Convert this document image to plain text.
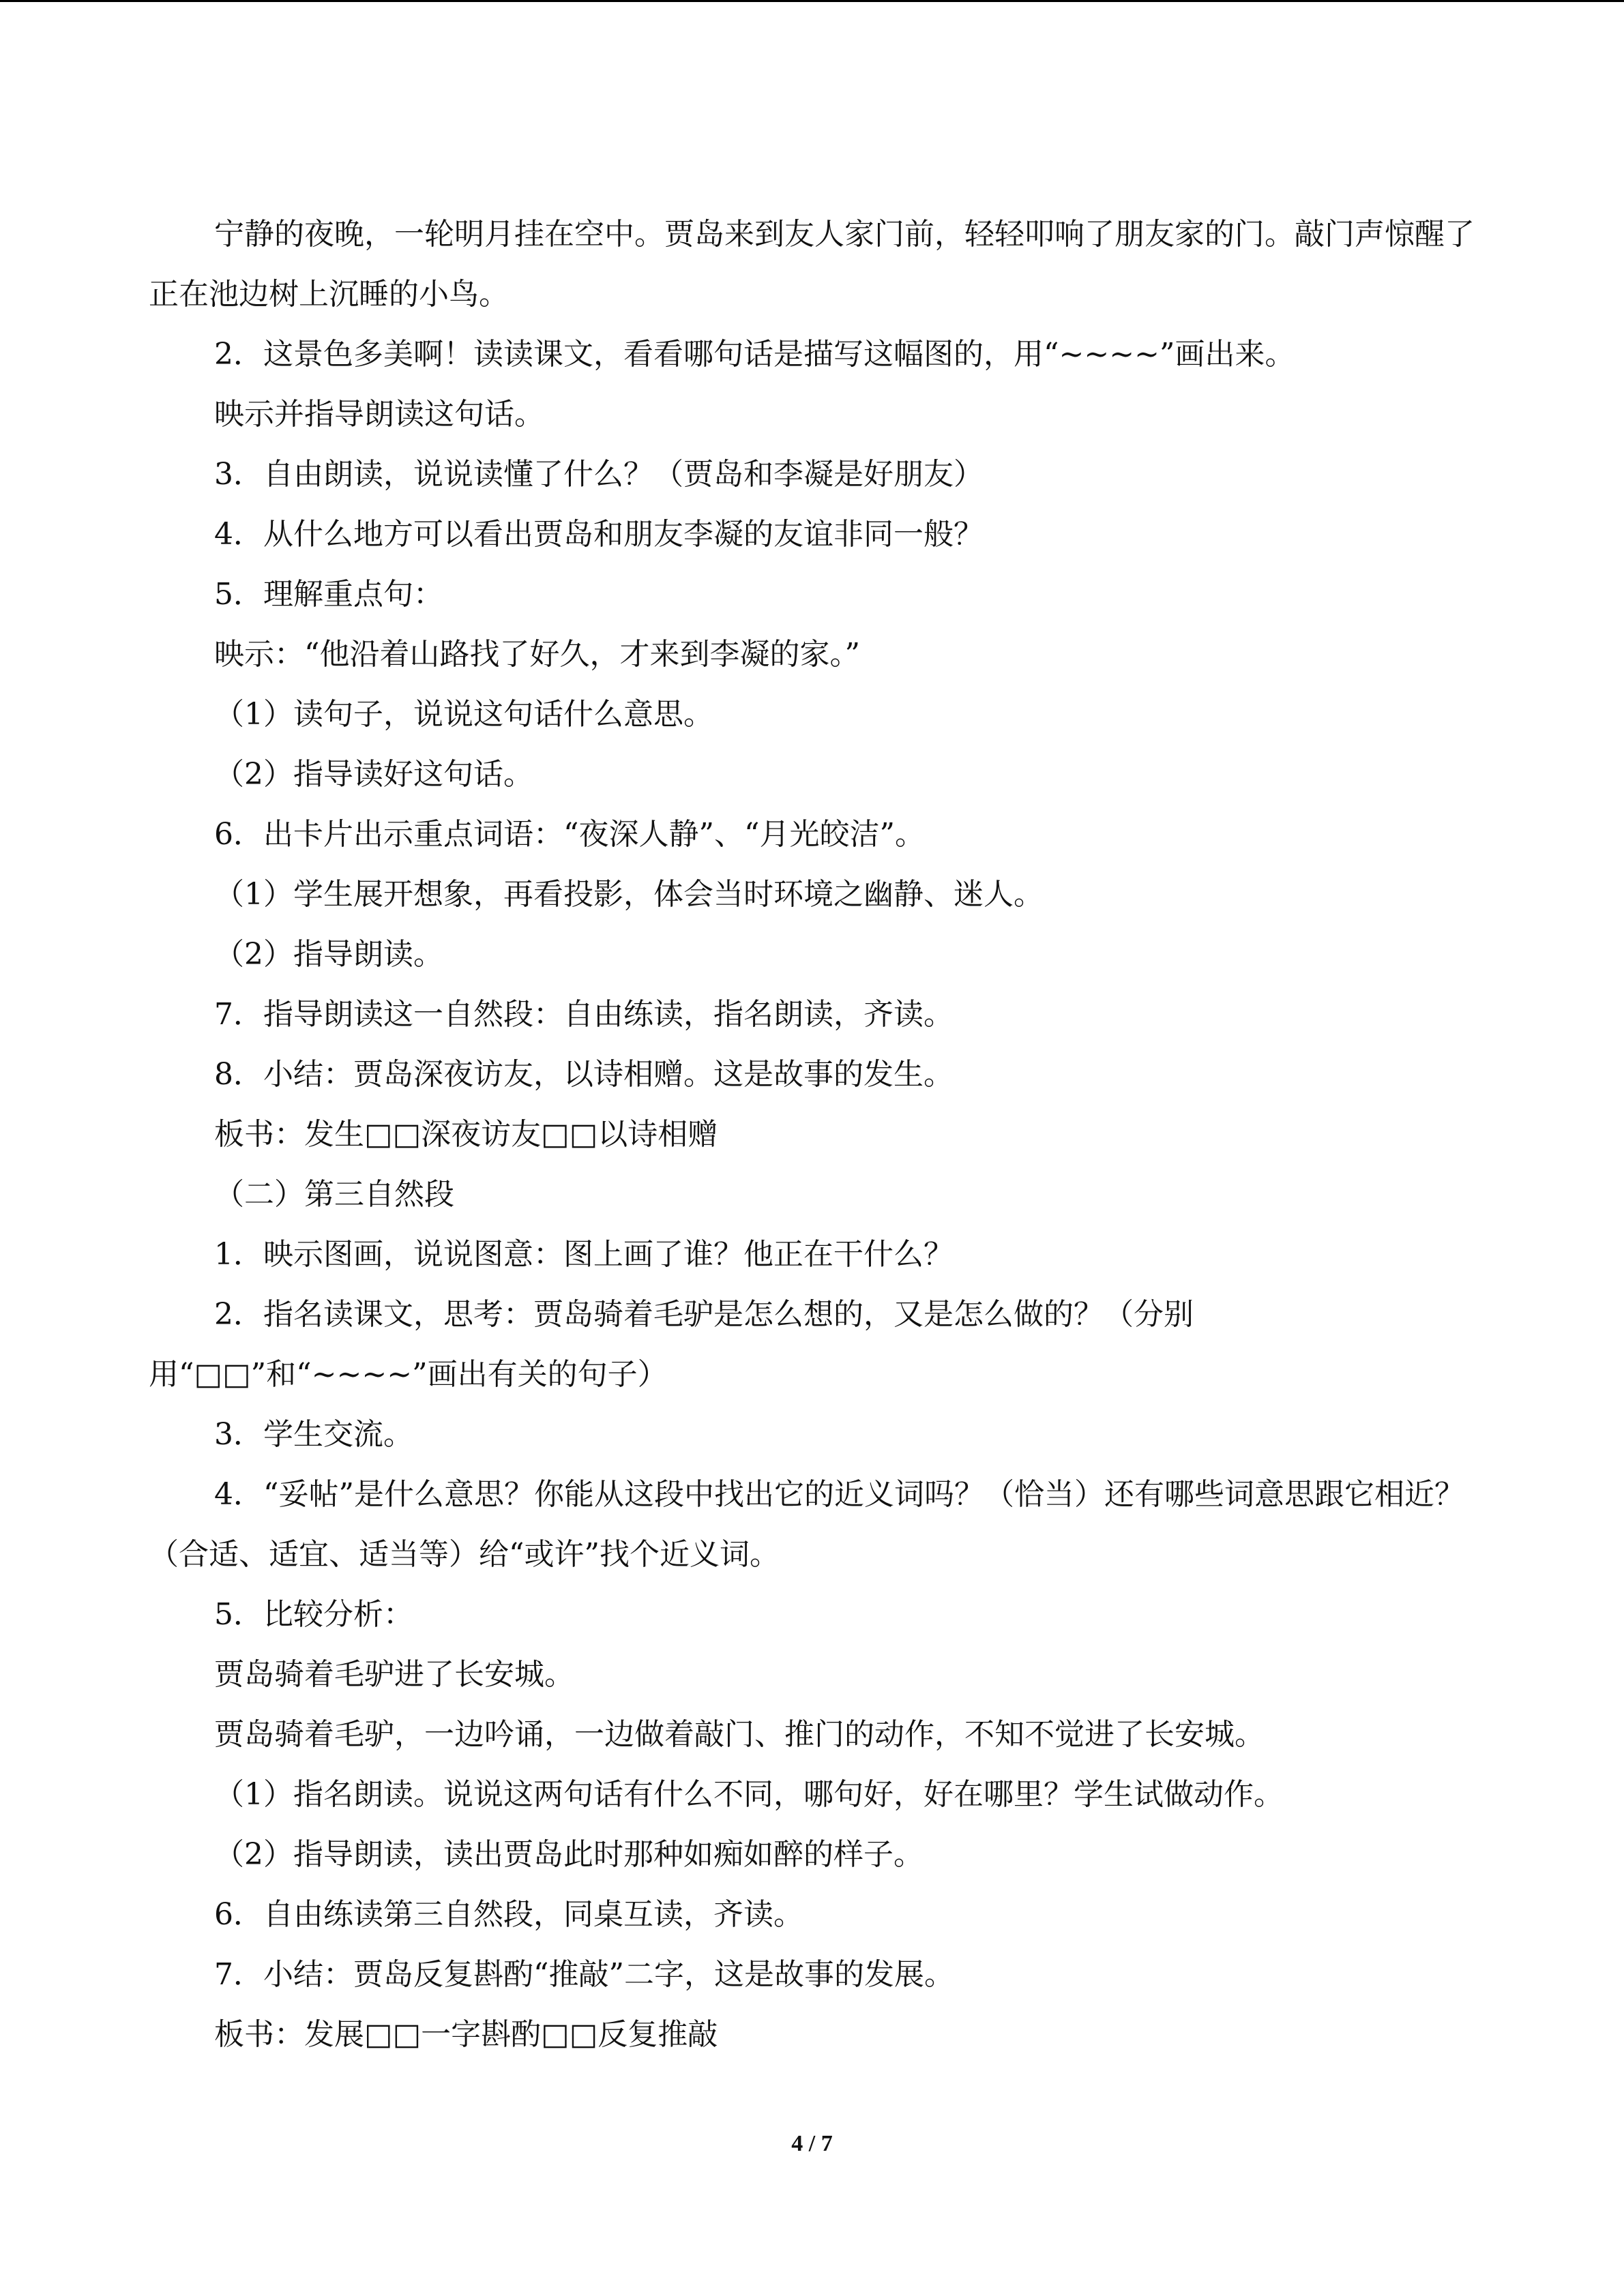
宁静的夜晚，一轮明月挂在空中。贾岛来到友人家门前，轻轻叩响了朋友家的门。敲门声惊醒了正在池边树上沉睡的小鸟。

2．这景色多美啊！读读课文，看看哪句话是描写这幅图的，用“~~~~”画出来。

映示并指导朗读这句话。

3．自由朗读，说说读懂了什么？（贾岛和李凝是好朋友）

4．从什么地方可以看出贾岛和朋友李凝的友谊非同一般？

5．理解重点句：

映示：“他沿着山路找了好久，才来到李凝的家。”

（1）读句子，说说这句话什么意思。

（2）指导读好这句话。

6．出卡片出示重点词语：“夜深人静”、“月光皎洁”。

（1）学生展开想象，再看投影，体会当时环境之幽静、迷人。

（2）指导朗读。

7．指导朗读这一自然段：自由练读，指名朗读，齐读。

8．小结：贾岛深夜访友，以诗相赠。这是故事的发生。

板书：发生□□深夜访友□□以诗相赠

（二）第三自然段

1．映示图画，说说图意：图上画了谁？他正在干什么？

2．指名读课文，思考：贾岛骑着毛驴是怎么想的，又是怎么做的？（分别用“□□”和“~~~~”画出有关的句子）

3．学生交流。

4．“妥帖”是什么意思？你能从这段中找出它的近义词吗？（恰当）还有哪些词意思跟它相近？（合适、适宜、适当等）给“或许”找个近义词。

5．比较分析：

贾岛骑着毛驴进了长安城。

贾岛骑着毛驴，一边吟诵，一边做着敲门、推门的动作，不知不觉进了长安城。

（1）指名朗读。说说这两句话有什么不同，哪句好，好在哪里？学生试做动作。

（2）指导朗读，读出贾岛此时那种如痴如醉的样子。

6．自由练读第三自然段，同桌互读，齐读。

7．小结：贾岛反复斟酌“推敲”二字，这是故事的发展。

板书：发展□□一字斟酌□□反复推敲

4 / 7
